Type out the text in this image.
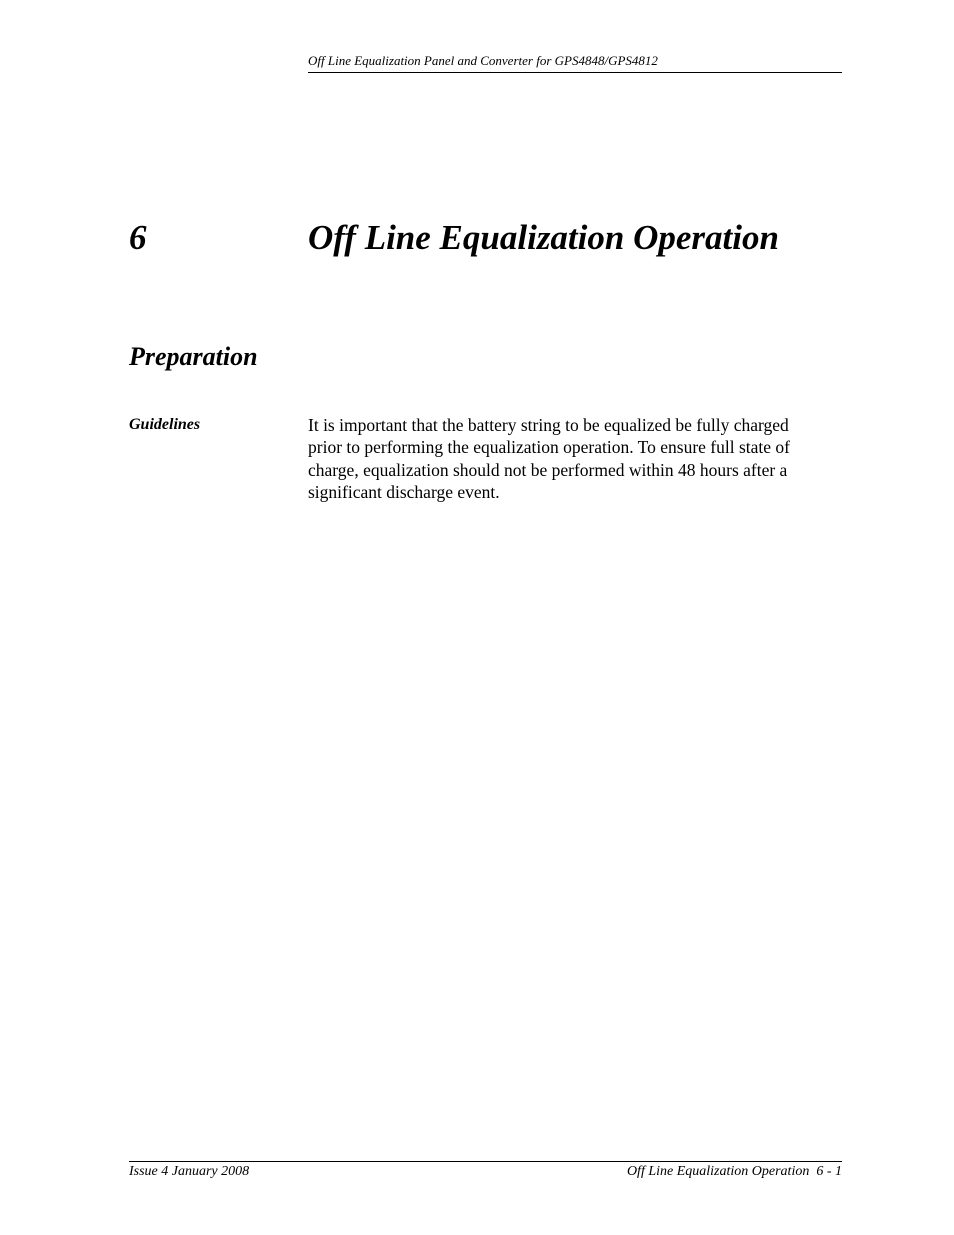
Off Line Equalization Panel and Converter for GPS4848/GPS4812
6	Off Line Equalization Operation
Preparation
Guidelines	It is important that the battery string to be equalized be fully charged
prior to performing the equalization operation. To ensure full state of
charge, equalization should not be performed within 48 hours after a
significant discharge event.
Issue 4 January 2008	Off Line Equalization Operation  6 - 1
